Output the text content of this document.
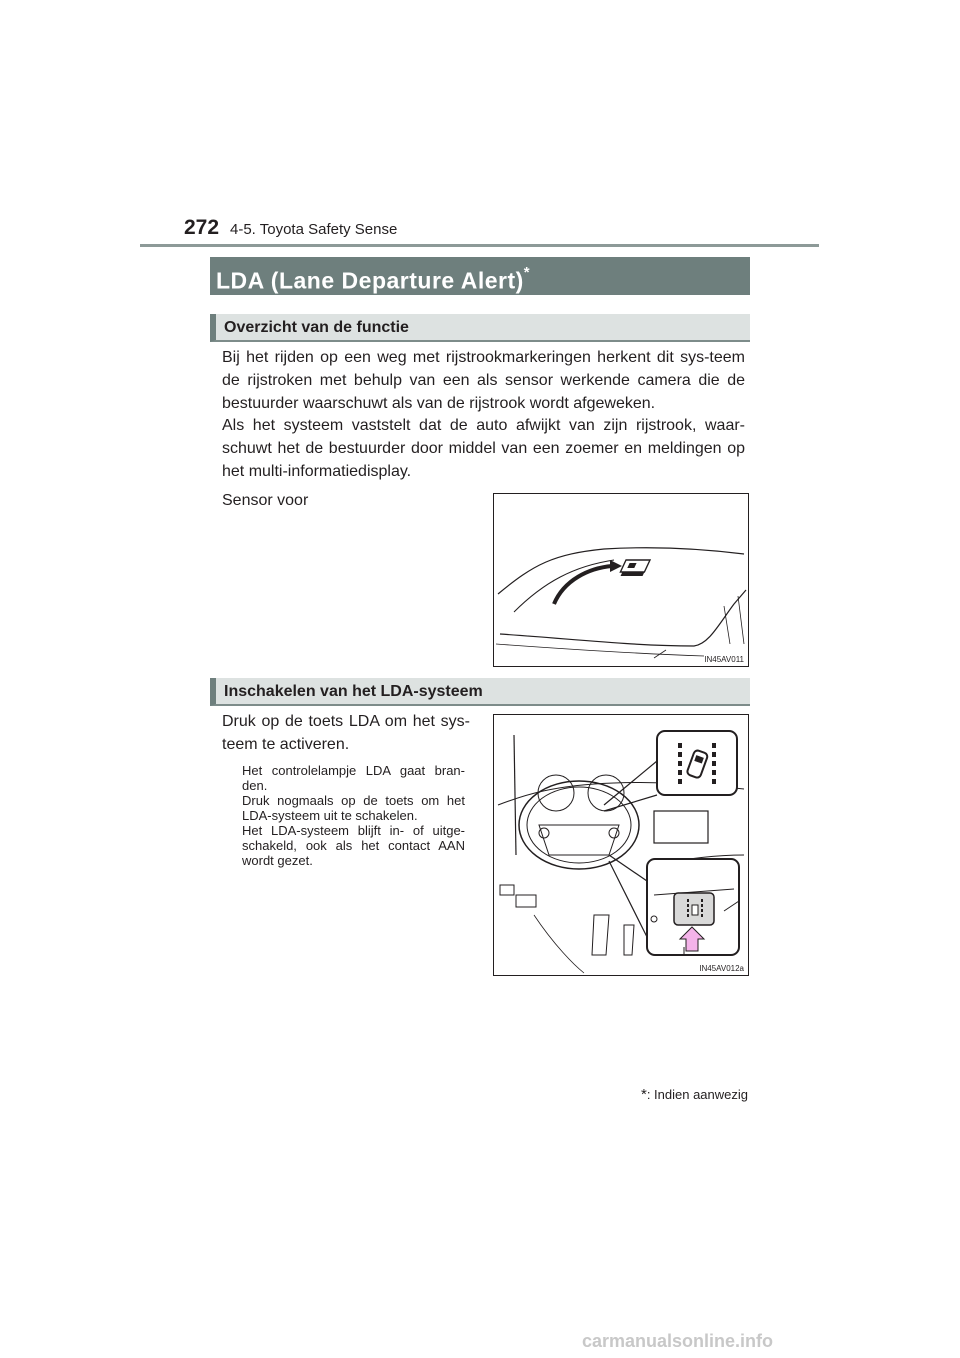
272 4-5. Toyota Safety Sense
LDA (Lane Departure Alert)*
Overzicht van de functie

Bij het rijden op een weg met rijstrookmarkeringen herkent dit sys-teem de rijstroken met behulp van een als sensor werkende camera die de bestuurder waarschuwt als van de rijstrook wordt afgeweken.

Als het systeem vaststelt dat de auto afwijkt van zijn rijstrook, waar-schuwt het de bestuurder door middel van een zoemer en meldingen op het multi-informatiedisplay.

Sensor voor

IN45AV011
Inschakelen van het LDA-systeem

Druk op de toets LDA om het sys-teem te activeren.

Het controlelampje LDA gaat bran-den.
Druk nogmaals op de toets om het LDA-systeem uit te schakelen.
Het LDA-systeem blijft in- of uitge-schakeld, ook als het contact AAN wordt gezet.

IN45AV012a
*: Indien aanwezig
carmanualsonline.info
